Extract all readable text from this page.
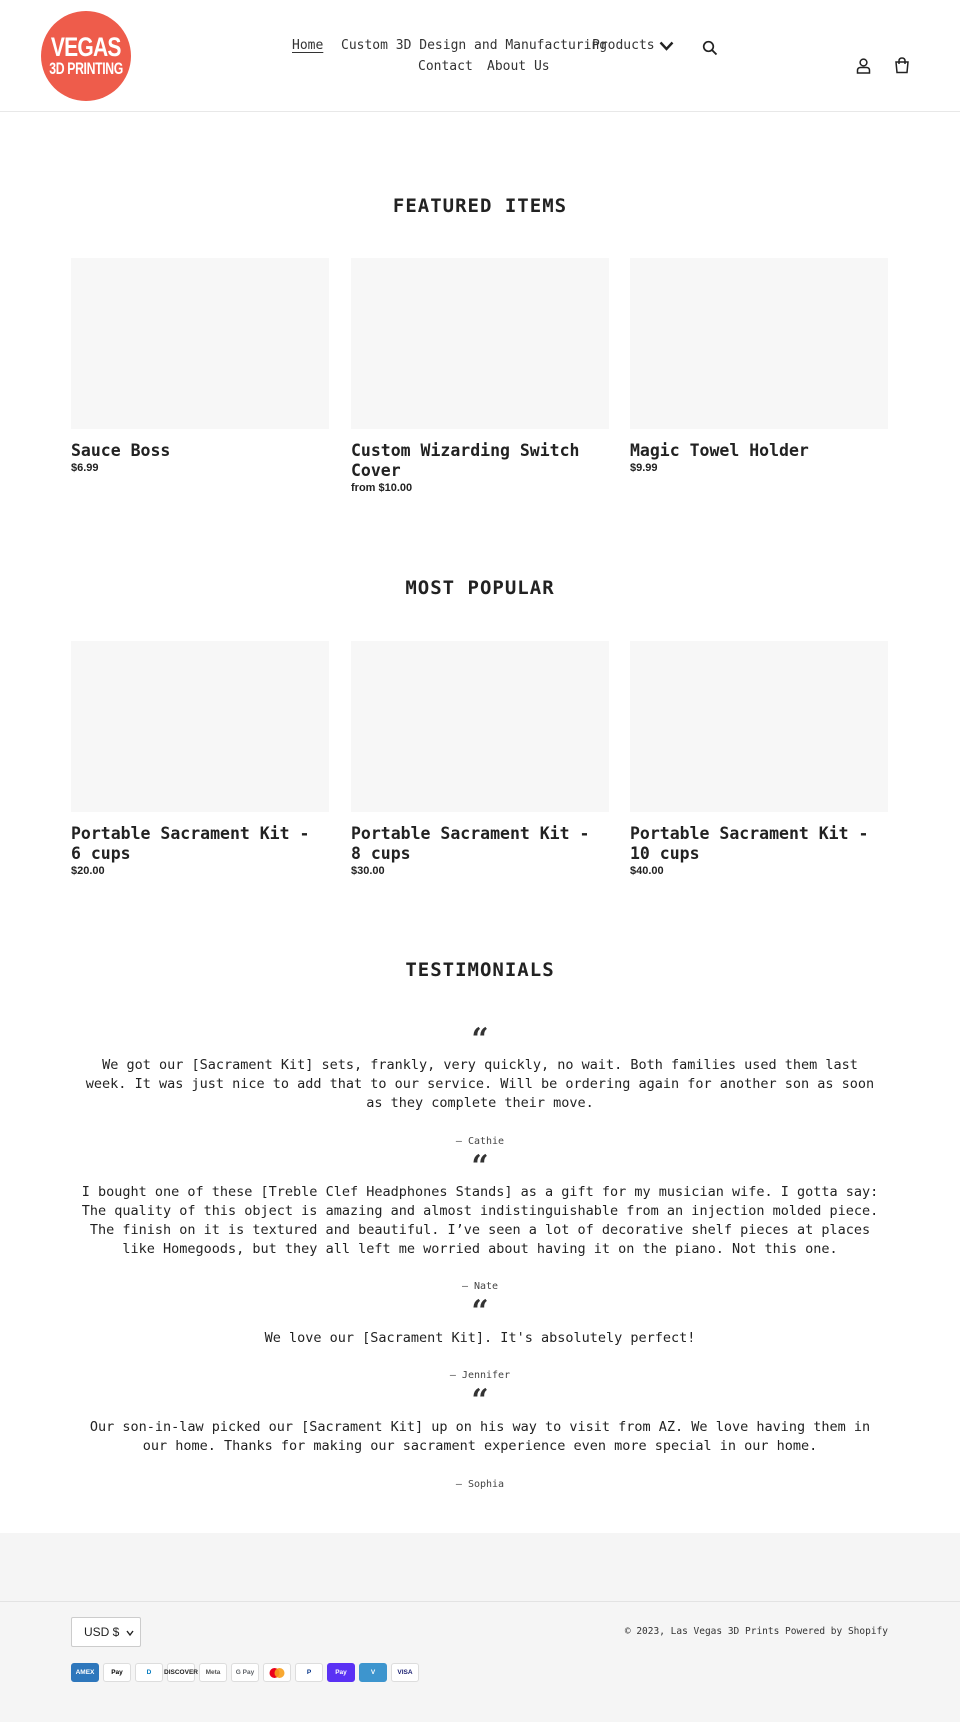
VEGAS
3D PRINTING
Home Custom 3D Design and Manufacturing
Products
Contact About Us
FEATURED ITEMS
Sauce Boss
$6.99
Custom Wizarding Switch Cover
from $10.00
Magic Towel Holder
$9.99
MOST POPULAR
Portable Sacrament Kit - 6 cups
$20.00
Portable Sacrament Kit - 8 cups
$30.00
Portable Sacrament Kit - 10 cups
$40.00
TESTIMONIALS
“
We got our [Sacrament Kit] sets, frankly, very quickly, no wait. Both families used them last week. It was just nice to add that to our service. Will be ordering again for another son as soon as they complete their move.
— Cathie
“
I bought one of these [Treble Clef Headphones Stands] as a gift for my musician wife. I gotta say: The quality of this object is amazing and almost indistinguishable from an injection molded piece. The finish on it is textured and beautiful. I’ve seen a lot of decorative shelf pieces at places like Homegoods, but they all left me worried about having it on the piano. Not this one.
— Nate
“
We love our [Sacrament Kit]. It's absolutely perfect!
— Jennifer
“
Our son-in-law picked our [Sacrament Kit] up on his way to visit from AZ. We love having them in our home. Thanks for making our sacrament experience even more special in our home.
— Sophia
USD $	© 2023, Las Vegas 3D Prints Powered by Shopify
AMEX	Pay	D	DISCOVER	Meta	G Pay	P	Pay	V	VISA
